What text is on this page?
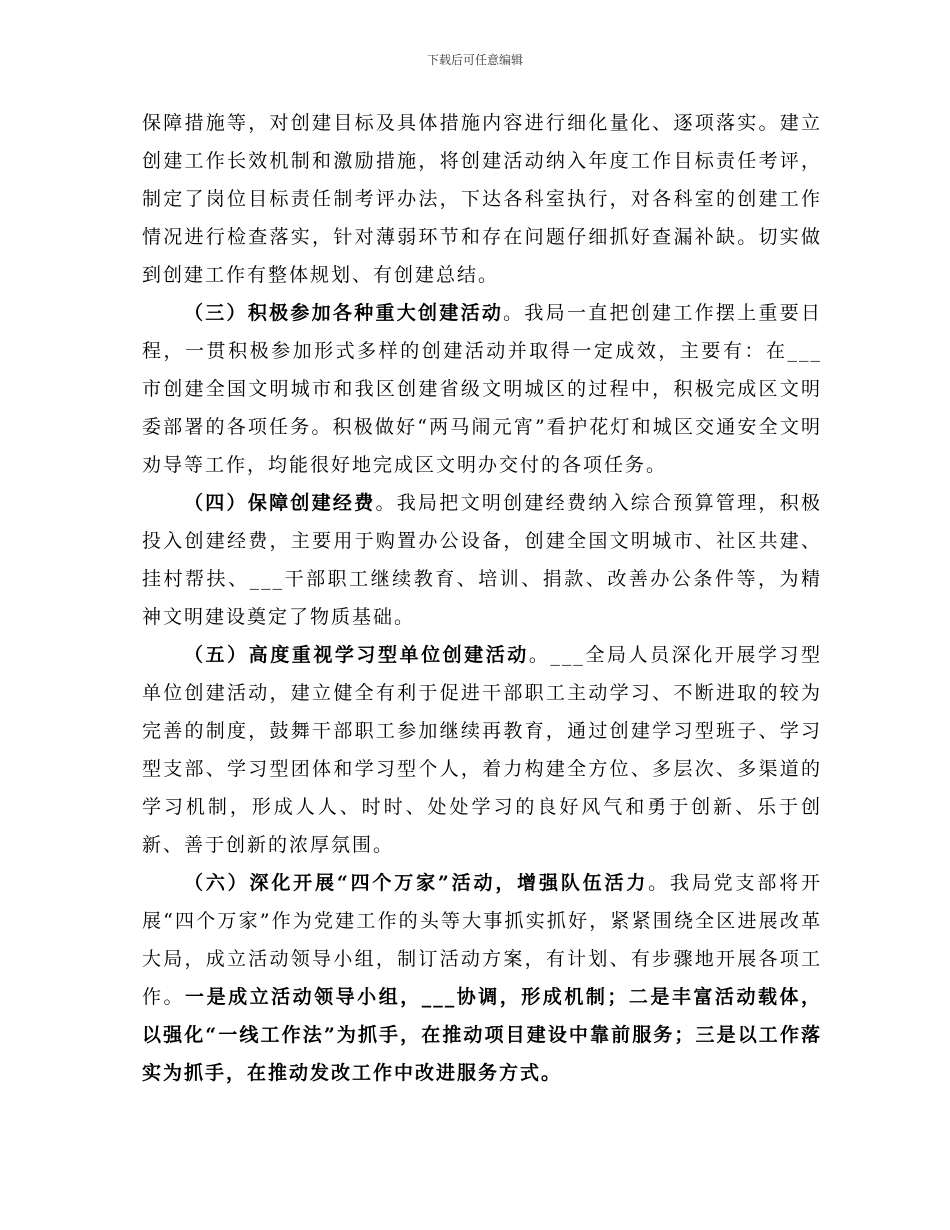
下载后可任意编辑

保障措施等，对创建目标及具体措施内容进行细化量化、逐项落实。建立创建工作长效机制和激励措施，将创建活动纳入年度工作目标责任考评，制定了岗位目标责任制考评办法，下达各科室执行，对各科室的创建工作情况进行检查落实，针对薄弱环节和存在问题仔细抓好查漏补缺。切实做到创建工作有整体规划、有创建总结。

（三）积极参加各种重大创建活动。我局一直把创建工作摆上重要日程，一贯积极参加形式多样的创建活动并取得一定成效，主要有：在___市创建全国文明城市和我区创建省级文明城区的过程中，积极完成区文明委部署的各项任务。积极做好“两马闹元宵”看护花灯和城区交通安全文明劝导等工作，均能很好地完成区文明办交付的各项任务。

（四）保障创建经费。我局把文明创建经费纳入综合预算管理，积极投入创建经费，主要用于购置办公设备，创建全国文明城市、社区共建、挂村帮扶、___干部职工继续教育、培训、捐款、改善办公条件等，为精神文明建设奠定了物质基础。

（五）高度重视学习型单位创建活动。___全局人员深化开展学习型单位创建活动，建立健全有利于促进干部职工主动学习、不断进取的较为完善的制度，鼓舞干部职工参加继续再教育，通过创建学习型班子、学习型支部、学习型团体和学习型个人，着力构建全方位、多层次、多渠道的学习机制，形成人人、时时、处处学习的良好风气和勇于创新、乐于创新、善于创新的浓厚氛围。

（六）深化开展“四个万家”活动，增强队伍活力。我局党支部将开展“四个万家”作为党建工作的头等大事抓实抓好，紧紧围绕全区进展改革大局，成立活动领导小组，制订活动方案，有计划、有步骤地开展各项工作。一是成立活动领导小组，___协调，形成机制；二是丰富活动载体，以强化“一线工作法”为抓手，在推动项目建设中靠前服务；三是以工作落实为抓手，在推动发改工作中改进服务方式。
